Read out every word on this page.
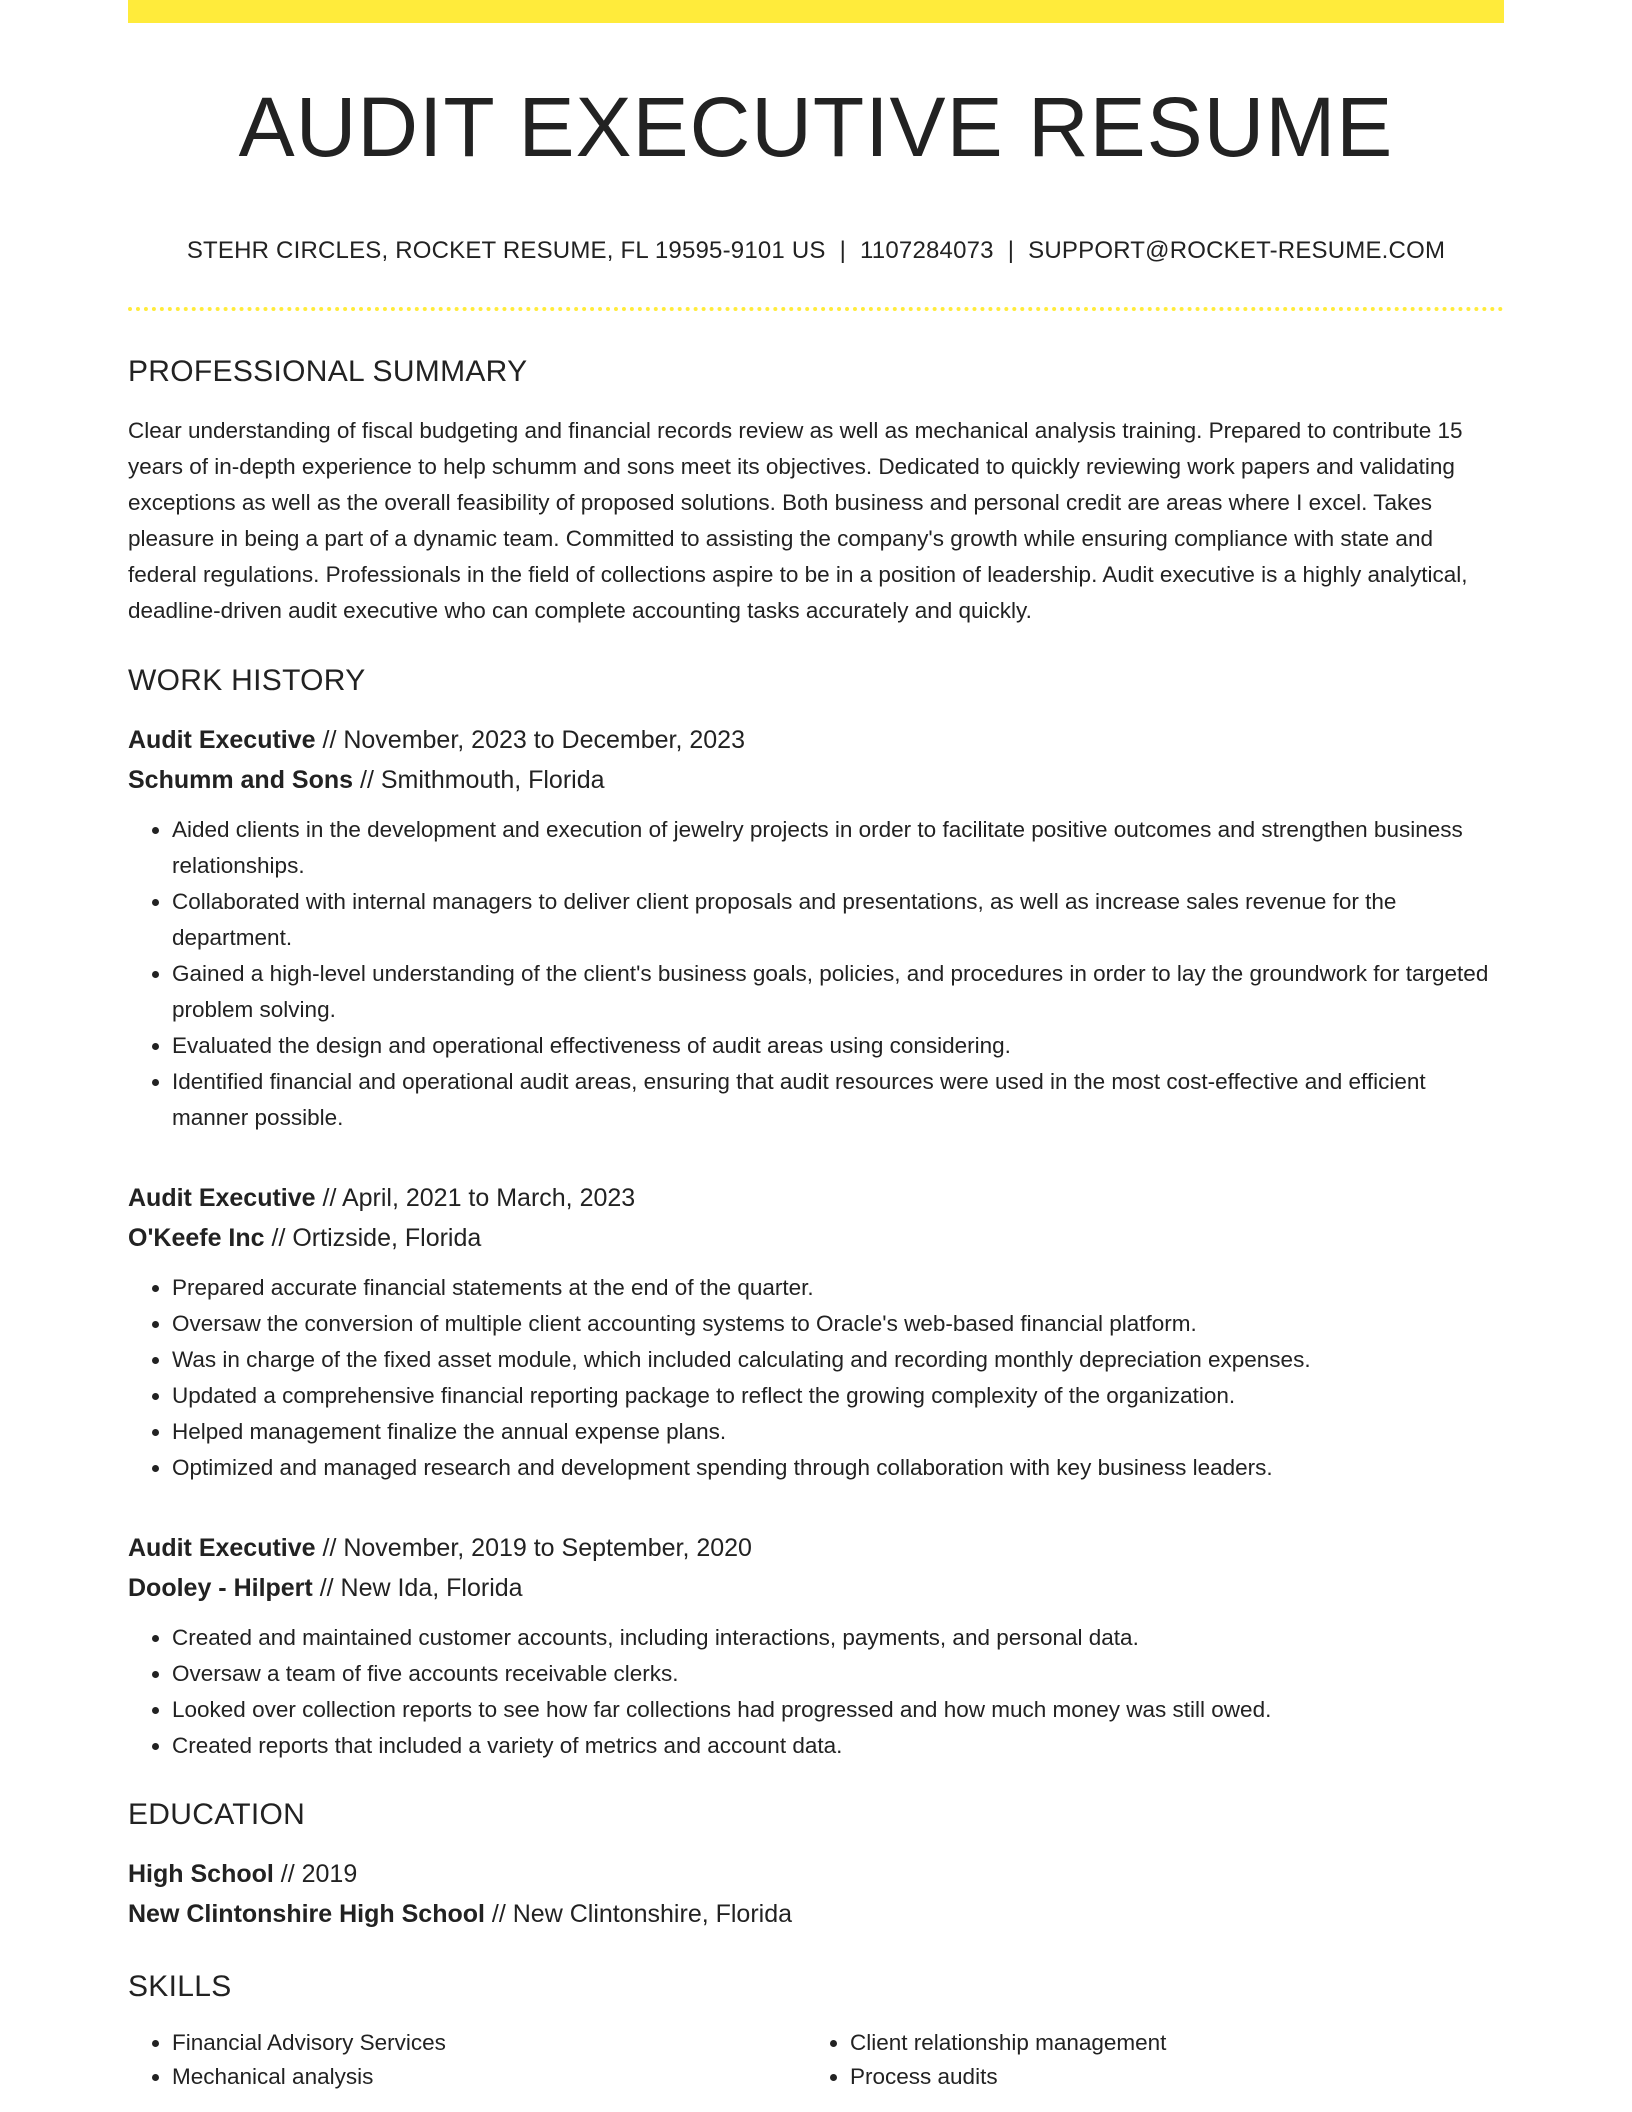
AUDIT EXECUTIVE RESUME
STEHR CIRCLES, ROCKET RESUME, FL 19595-9101 US | 1107284073 | SUPPORT@ROCKET-RESUME.COM
PROFESSIONAL SUMMARY
Clear understanding of fiscal budgeting and financial records review as well as mechanical analysis training. Prepared to contribute 15 years of in-depth experience to help schumm and sons meet its objectives. Dedicated to quickly reviewing work papers and validating exceptions as well as the overall feasibility of proposed solutions. Both business and personal credit are areas where I excel. Takes pleasure in being a part of a dynamic team. Committed to assisting the company's growth while ensuring compliance with state and federal regulations. Professionals in the field of collections aspire to be in a position of leadership. Audit executive is a highly analytical, deadline-driven audit executive who can complete accounting tasks accurately and quickly.
WORK HISTORY
Audit Executive // November, 2023 to December, 2023
Schumm and Sons // Smithmouth, Florida
• Aided clients in the development and execution of jewelry projects in order to facilitate positive outcomes and strengthen business relationships.
• Collaborated with internal managers to deliver client proposals and presentations, as well as increase sales revenue for the department.
• Gained a high-level understanding of the client's business goals, policies, and procedures in order to lay the groundwork for targeted problem solving.
• Evaluated the design and operational effectiveness of audit areas using considering.
• Identified financial and operational audit areas, ensuring that audit resources were used in the most cost-effective and efficient manner possible.
Audit Executive // April, 2021 to March, 2023
O'Keefe Inc // Ortizside, Florida
• Prepared accurate financial statements at the end of the quarter.
• Oversaw the conversion of multiple client accounting systems to Oracle's web-based financial platform.
• Was in charge of the fixed asset module, which included calculating and recording monthly depreciation expenses.
• Updated a comprehensive financial reporting package to reflect the growing complexity of the organization.
• Helped management finalize the annual expense plans.
• Optimized and managed research and development spending through collaboration with key business leaders.
Audit Executive // November, 2019 to September, 2020
Dooley - Hilpert // New Ida, Florida
• Created and maintained customer accounts, including interactions, payments, and personal data.
• Oversaw a team of five accounts receivable clerks.
• Looked over collection reports to see how far collections had progressed and how much money was still owed.
• Created reports that included a variety of metrics and account data.
EDUCATION
High School // 2019
New Clintonshire High School // New Clintonshire, Florida
SKILLS
• Financial Advisory Services
• Mechanical analysis
• Client relationship management
• Process audits
